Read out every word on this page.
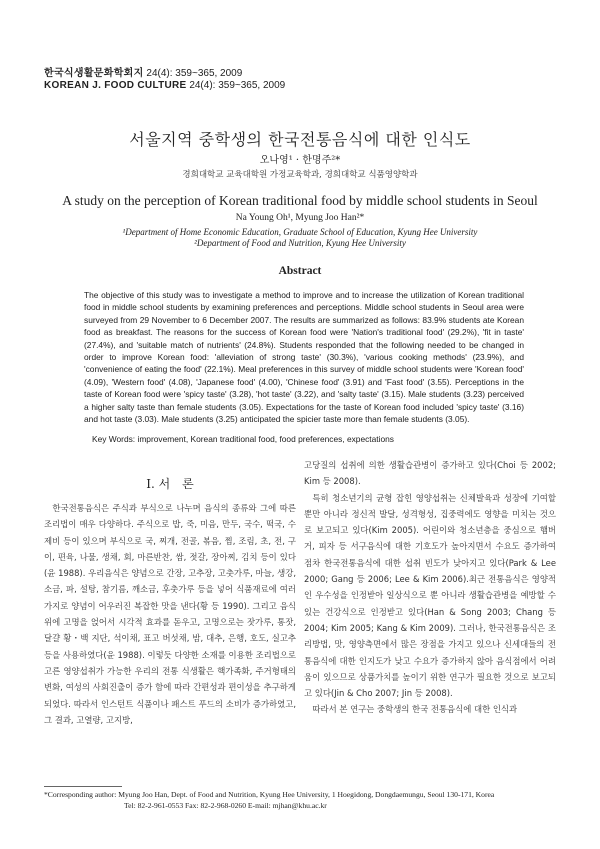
한국식생활문화학회지 24(4): 359~365, 2009
KOREAN J. FOOD CULTURE 24(4): 359~365, 2009
서울지역 중학생의 한국전통음식에 대한 인식도
오나영¹ · 한명주²*
경희대학교 교육대학원 가정교육학과, 경희대학교 식품영양학과
A study on the perception of Korean traditional food by middle school students in Seoul
Na Young Oh¹, Myung Joo Han²*
¹Department of Home Economic Education, Graduate School of Education, Kyung Hee University
²Department of Food and Nutrition, Kyung Hee University
Abstract
The objective of this study was to investigate a method to improve and to increase the utilization of Korean traditional food in middle school students by examining preferences and perceptions. Middle school students in Seoul area were surveyed from 29 November to 6 December 2007. The results are summarized as follows: 83.9% students ate Korean food as breakfast. The reasons for the success of Korean food were 'Nation's traditional food' (29.2%), 'fit in taste' (27.4%), and 'suitable match of nutrients' (24.8%). Students responded that the following needed to be changed in order to improve Korean food: 'alleviation of strong taste' (30.3%), 'various cooking methods' (23.9%), and 'convenience of eating the food' (22.1%). Meal preferences in this survey of middle school students were 'Korean food' (4.09), 'Western food' (4.08), 'Japanese food' (4.00), 'Chinese food' (3.91) and 'Fast food' (3.55). Perceptions in the taste of Korean food were 'spicy taste' (3.28), 'hot taste' (3.22), and 'salty taste' (3.15). Male students (3.23) perceived a higher salty taste than female students (3.05). Expectations for the taste of Korean food included 'spicy taste' (3.16) and hot taste (3.03). Male students (3.25) anticipated the spicier taste more than female students (3.05).
Key Words: improvement, Korean traditional food, food preferences, expectations
I. 서　론

한국전통음식은 주식과 부식으로 나누며 음식의 종류와 그에 따른 조리법이 매우 다양하다. 주식으로 밥, 죽, 미음, 만두, 국수, 떡국, 수제비 등이 있으며 부식으로 국, 찌개, 전골, 볶음, 찜, 조림, 초, 전, 구이, 편육, 나물, 생채, 회, 마른반찬, 쌈, 젓갈, 장아찌, 김치 등이 있다(윤 1988). 우리음식은 양념으로 간장, 고추장, 고춧가루, 마늘, 생강, 소금, 파, 설탕, 참기름, 깨소금, 후춧가루 등을 넣어 식품재료에 여러 가지로 양념이 어우러진 복잡한 맛을 낸다(황 등 1990). 그리고 음식 위에 고명을 얹어서 시각적 효과를 돋우고, 고명으로는 잣가루, 통잣, 달걀 황・백 지단, 석이채, 표고 버섯채, 밤, 대추, 은행, 호도, 실고추 등을 사용하였다(윤 1988). 이렇듯 다양한 소재를 이용한 조리법으로 고른 영양섭취가 가능한 우리의 전통 식생활은 핵가족화, 주거형태의 변화, 여성의 사회진출이 증가 함에 따라 간편성과 편이성을 추구하게 되었다. 따라서 인스턴트 식품이나 패스트 푸드의 소비가 증가하였고, 그 결과, 고열량, 고지방,

고당질의 섭취에 의한 생활습관병이 증가하고 있다(Choi 등 2002; Kim 등 2008).

특히 청소년기의 균형 잡힌 영양섭취는 신체발육과 성장에 기여할 뿐만 아니라 정신적 발달, 성격형성, 집중력에도 영향을 미치는 것으로 보고되고 있다(Kim 2005). 어린이와 청소년층을 중심으로 햄버거, 피자 등 서구음식에 대한 기호도가 높아지면서 수요도 증가하여 점차 한국전통음식에 대한 섭취 빈도가 낮아지고 있다(Park & Lee 2000; Gang 등 2006; Lee & Kim 2006).최근 전통음식은 영양적인 우수성을 인정받아 일상식으로 뿐 아니라 생활습관병을 예방할 수 있는 건강식으로 인정받고 있다(Han & Song 2003; Chang 등 2004; Kim 2005; Kang & Kim 2009). 그러나, 한국전통음식은 조리방법, 맛, 영양측면에서 많은 장점을 가지고 있으나 신세대들의 전통음식에 대한 인지도가 낮고 수요가 증가하지 않아 음식점에서 어려움이 있으므로 상품가치를 높이기 위한 연구가 필요한 것으로 보고되고 있다(Jin & Cho 2007; Jin 등 2008).

따라서 본 연구는 중학생의 한국 전통음식에 대한 인식과

*Corresponding author: Myung Joo Han, Dept. of Food and Nutrition, Kyung Hee University, 1 Hoegidong, Dongdaemungu, Seoul 130-171, Korea
Tel: 82-2-961-0553 Fax: 82-2-968-0260 E-mail: mjhan@khu.ac.kr
